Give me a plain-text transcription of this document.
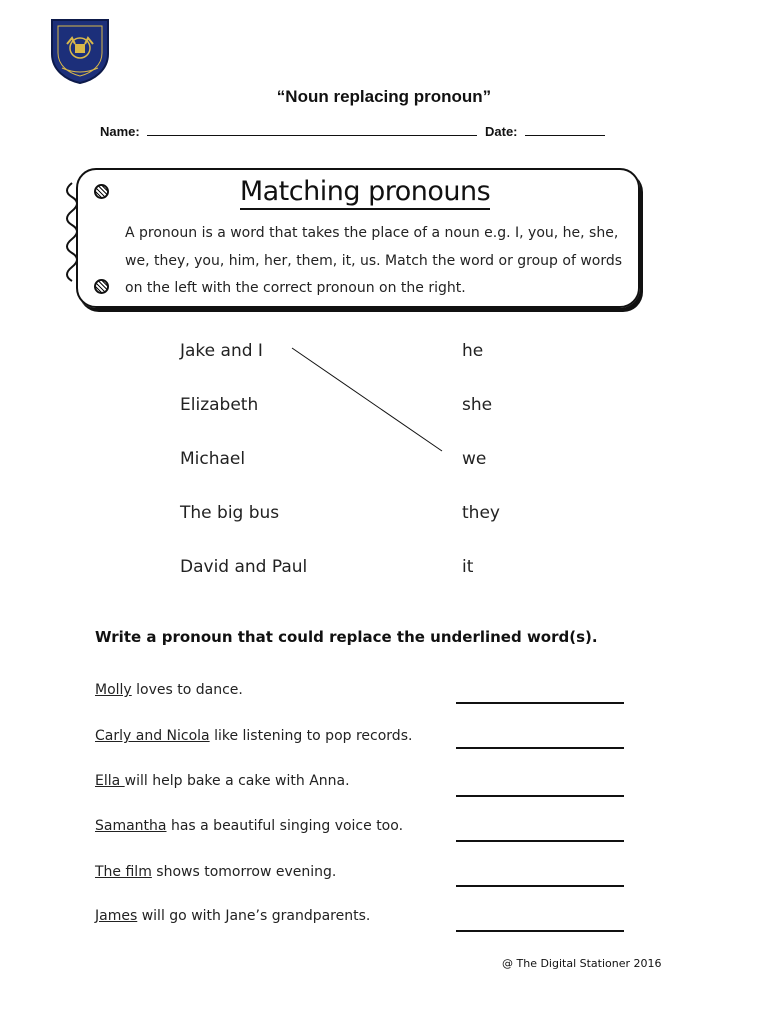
“Noun replacing pronoun”
Name:	Date:
Matching pronouns
A pronoun is a word that takes the place of a noun e.g. I, you, he, she, we, they, you, him, her, them, it, us. Match the word or group of words on the left with the correct pronoun on the right.
Jake and I
Elizabeth
Michael
The big bus
David and Paul
he
she
we
they
it
Write a pronoun that could replace the underlined word(s).
Molly loves to dance.
Carly and Nicola like listening to pop records.
Ella will help bake a cake with Anna.
Samantha has a beautiful singing voice too.
The film shows tomorrow evening.
James will go with Jane’s grandparents.
@ The Digital Stationer 2016
